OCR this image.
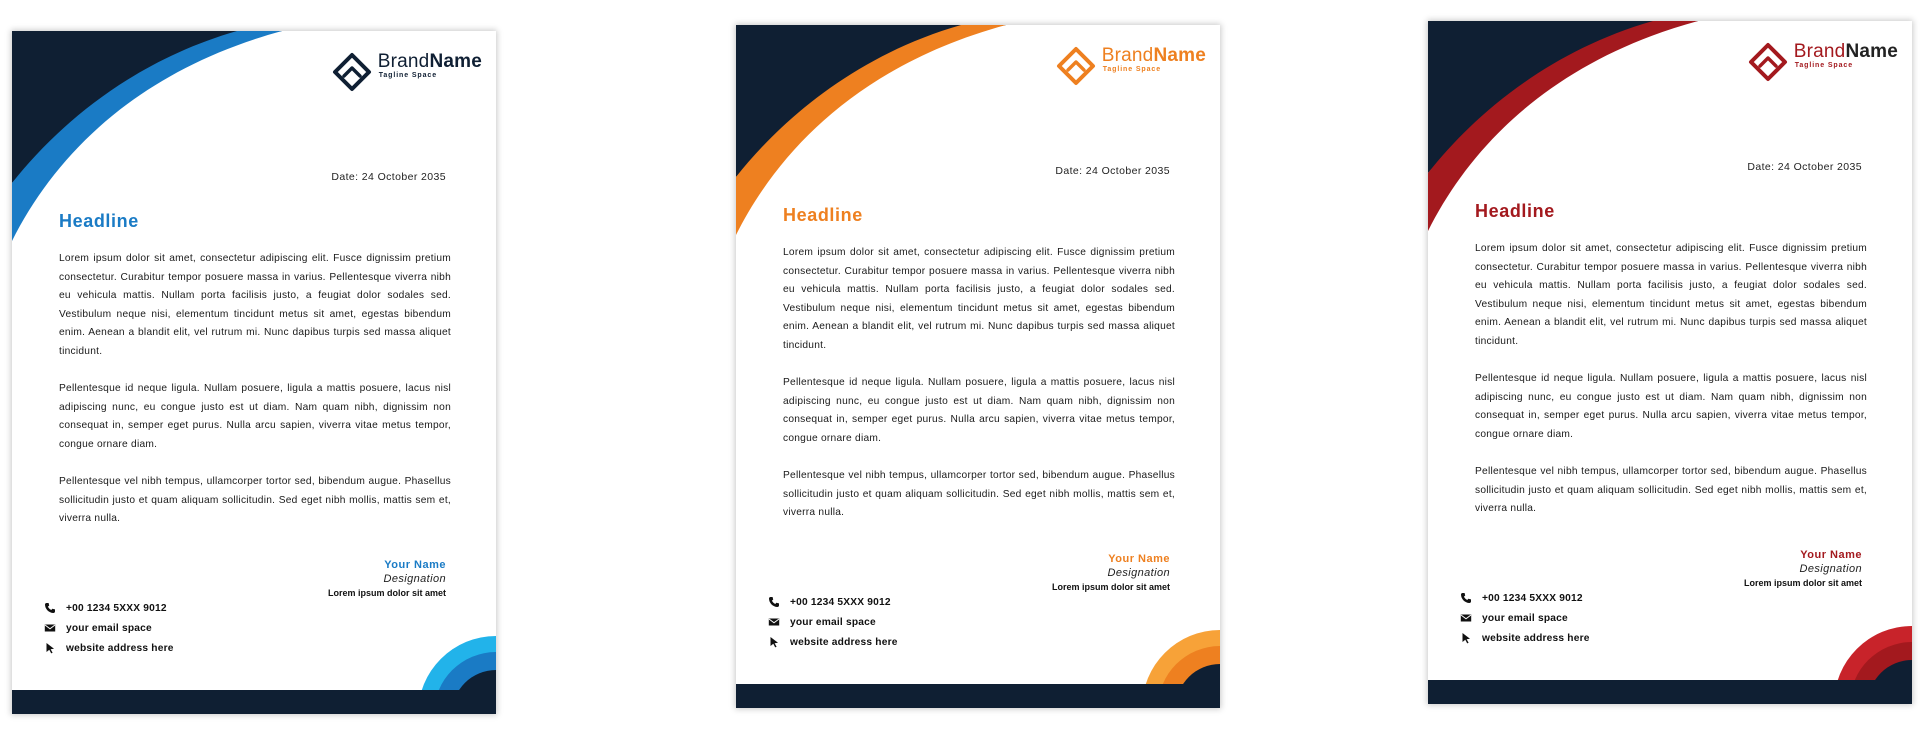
BrandName
Tagline Space
Date: 24 October 2035
Headline

Lorem ipsum dolor sit amet, consectetur adipiscing elit. Fusce dignissim pretium consectetur. Curabitur tempor posuere massa in varius. Pellentesque viverra nibh eu vehicula mattis. Nullam porta facilisis justo, a feugiat dolor sodales sed. Vestibulum neque nisi, elementum tincidunt metus sit amet, egestas bibendum enim. Aenean a blandit elit, vel rutrum mi. Nunc dapibus turpis sed massa aliquet tincidunt.

Pellentesque id neque ligula. Nullam posuere, ligula a mattis posuere, lacus nisl adipiscing nunc, eu congue justo est ut diam. Nam quam nibh, dignissim non consequat in, semper eget purus. Nulla arcu sapien, viverra vitae metus tempor, congue ornare diam.

Pellentesque vel nibh tempus, ullamcorper tortor sed, bibendum augue. Phasellus sollicitudin justo et quam aliquam sollicitudin. Sed eget nibh mollis, mattis sem et, viverra nulla.

Your Name
Designation
Lorem ipsum dolor sit amet
+00 1234 5XXX 9012
your email space
website address here
BrandName
Tagline Space
Date: 24 October 2035
Headline

Lorem ipsum dolor sit amet, consectetur adipiscing elit. Fusce dignissim pretium consectetur. Curabitur tempor posuere massa in varius. Pellentesque viverra nibh eu vehicula mattis. Nullam porta facilisis justo, a feugiat dolor sodales sed. Vestibulum neque nisi, elementum tincidunt metus sit amet, egestas bibendum enim. Aenean a blandit elit, vel rutrum mi. Nunc dapibus turpis sed massa aliquet tincidunt.

Pellentesque id neque ligula. Nullam posuere, ligula a mattis posuere, lacus nisl adipiscing nunc, eu congue justo est ut diam. Nam quam nibh, dignissim non consequat in, semper eget purus. Nulla arcu sapien, viverra vitae metus tempor, congue ornare diam.

Pellentesque vel nibh tempus, ullamcorper tortor sed, bibendum augue. Phasellus sollicitudin justo et quam aliquam sollicitudin. Sed eget nibh mollis, mattis sem et, viverra nulla.

Your Name
Designation
Lorem ipsum dolor sit amet
+00 1234 5XXX 9012
your email space
website address here
BrandName
Tagline Space
Date: 24 October 2035
Headline

Lorem ipsum dolor sit amet, consectetur adipiscing elit. Fusce dignissim pretium consectetur. Curabitur tempor posuere massa in varius. Pellentesque viverra nibh eu vehicula mattis. Nullam porta facilisis justo, a feugiat dolor sodales sed. Vestibulum neque nisi, elementum tincidunt metus sit amet, egestas bibendum enim. Aenean a blandit elit, vel rutrum mi. Nunc dapibus turpis sed massa aliquet tincidunt.

Pellentesque id neque ligula. Nullam posuere, ligula a mattis posuere, lacus nisl adipiscing nunc, eu congue justo est ut diam. Nam quam nibh, dignissim non consequat in, semper eget purus. Nulla arcu sapien, viverra vitae metus tempor, congue ornare diam.

Pellentesque vel nibh tempus, ullamcorper tortor sed, bibendum augue. Phasellus sollicitudin justo et quam aliquam sollicitudin. Sed eget nibh mollis, mattis sem et, viverra nulla.

Your Name
Designation
Lorem ipsum dolor sit amet
+00 1234 5XXX 9012
your email space
website address here
